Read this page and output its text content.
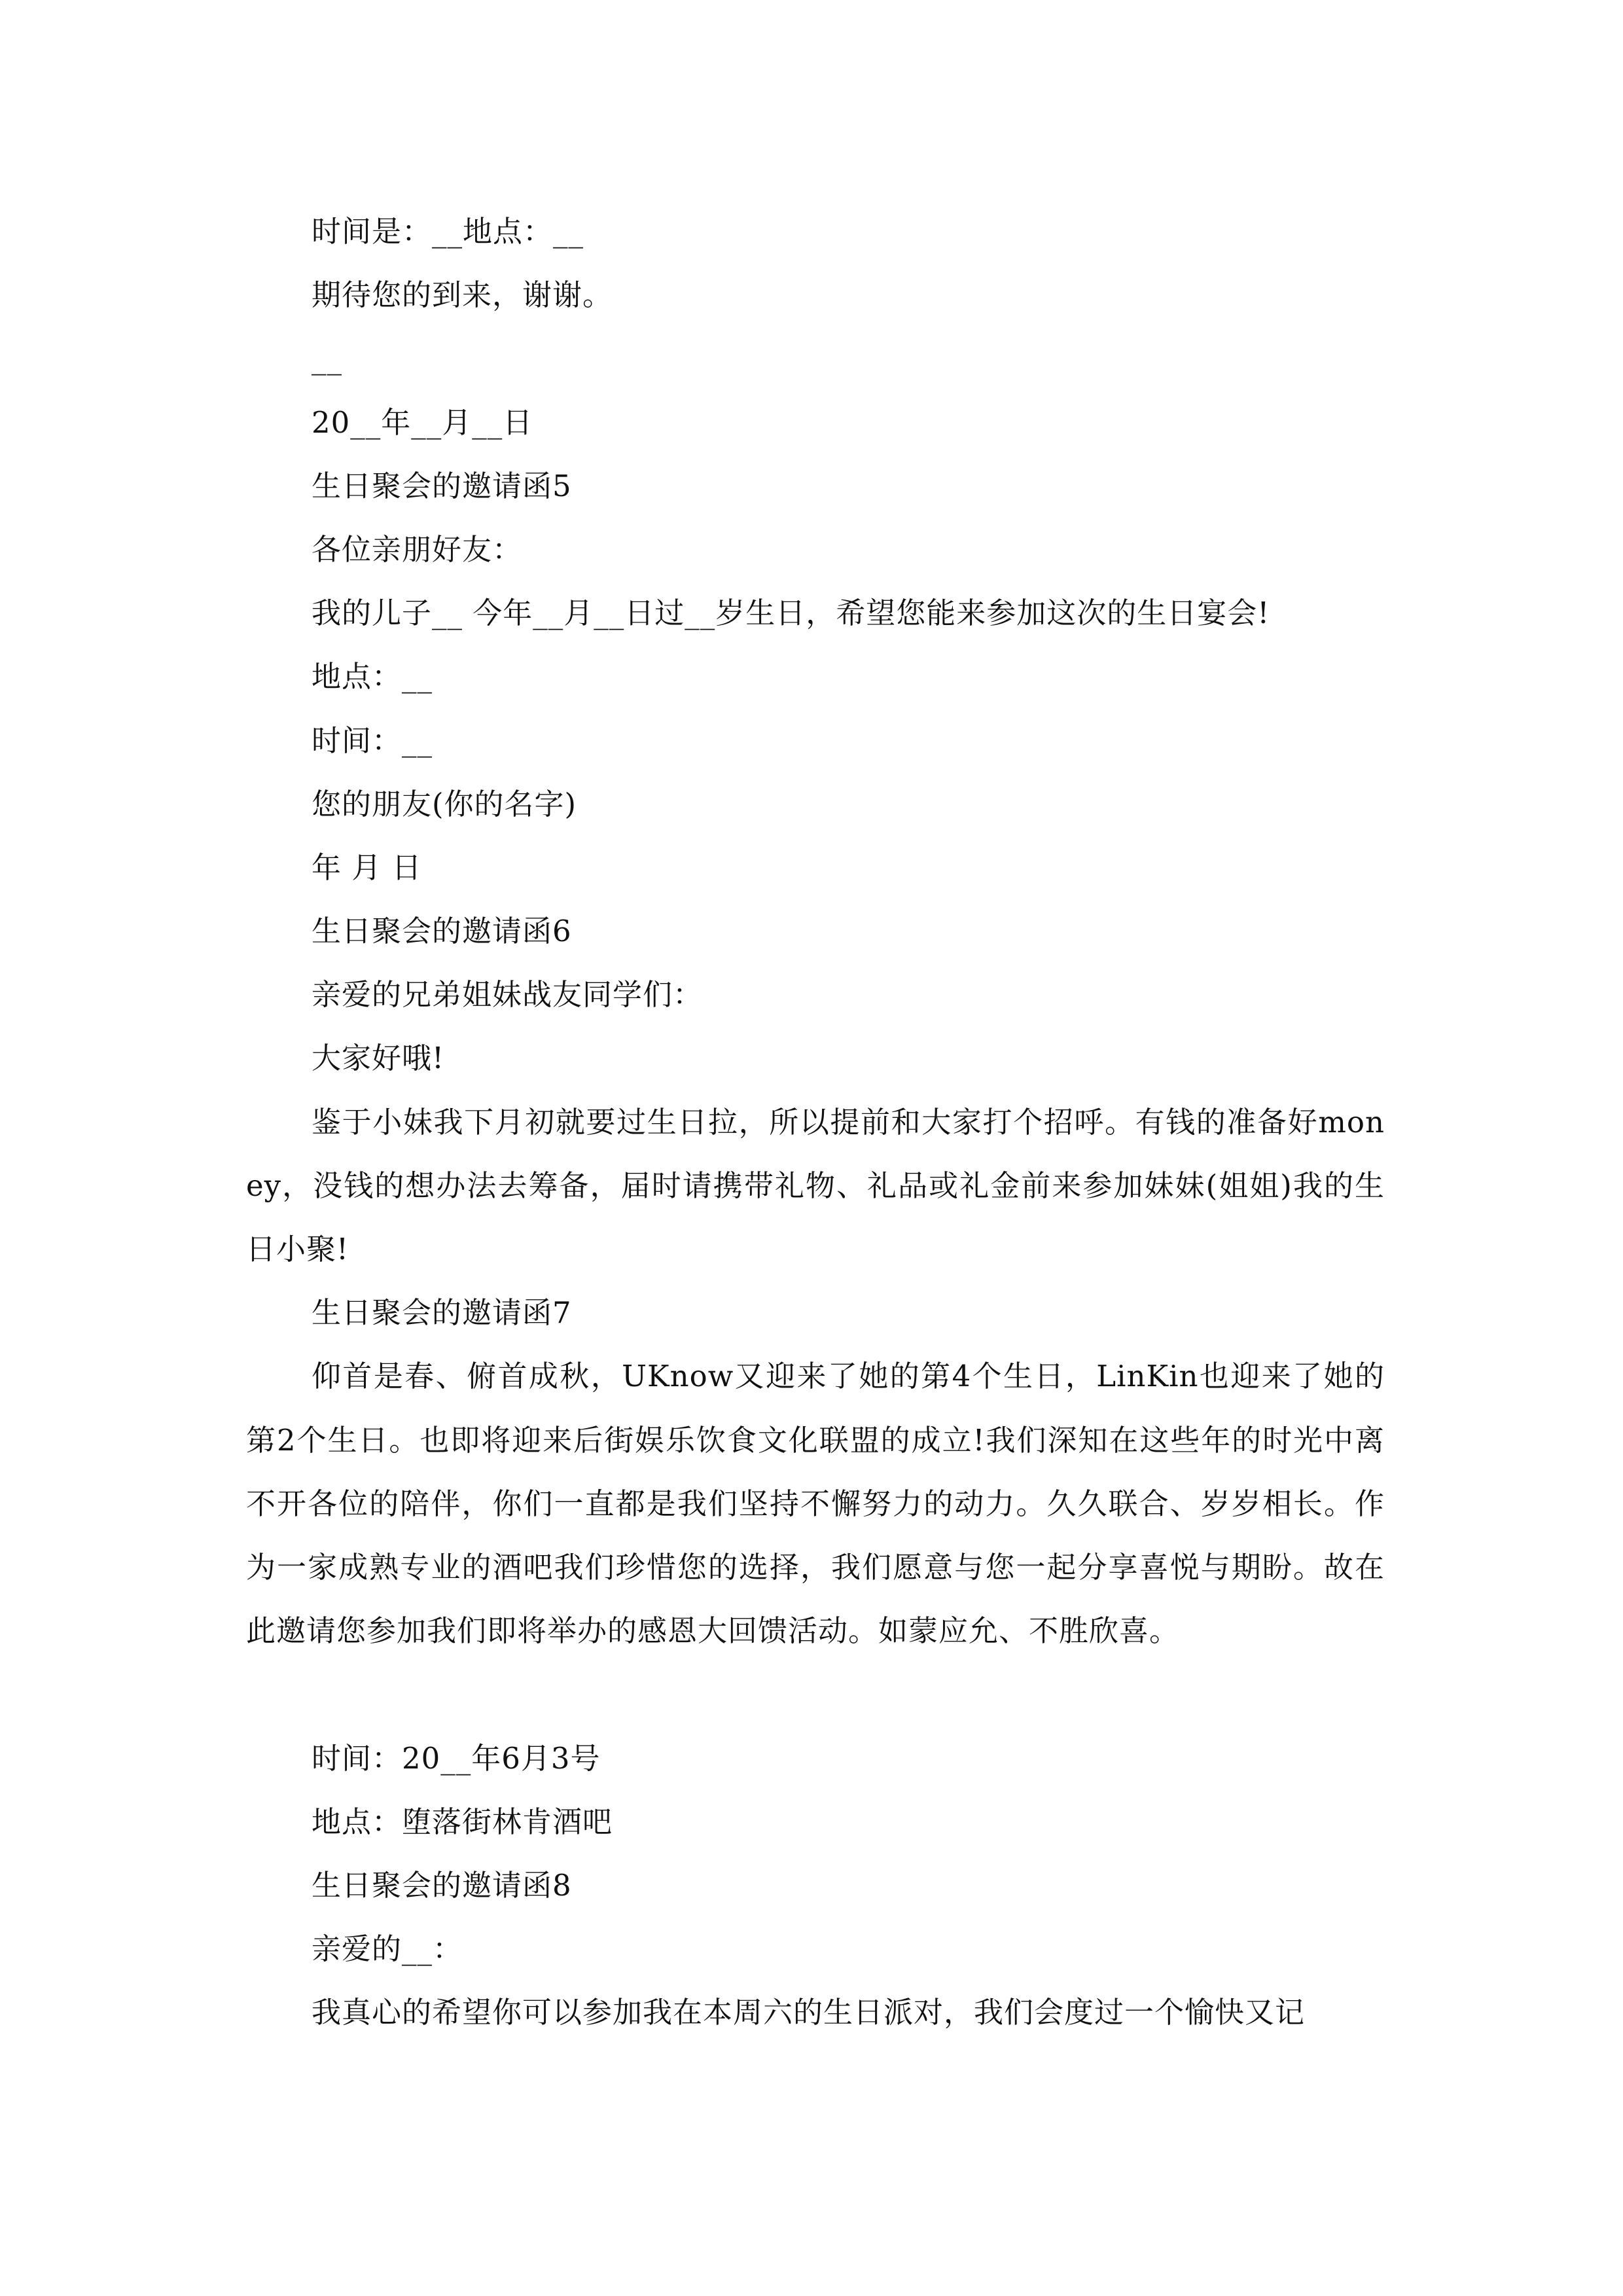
时间是：__地点：__
期待您的到来，谢谢。
__
20__年__月__日
生日聚会的邀请函5
各位亲朋好友：
我的儿子__ 今年__月__日过__岁生日，希望您能来参加这次的生日宴会!
地点：__
时间：__
您的朋友(你的名字)
年 月 日
生日聚会的邀请函6
亲爱的兄弟姐妹战友同学们：
大家好哦!
鉴于小妹我下月初就要过生日拉，所以提前和大家打个招呼。有钱的准备好money，没钱的想办法去筹备，届时请携带礼物、礼品或礼金前来参加妹妹(姐姐)我的生日小聚!
生日聚会的邀请函7
仰首是春、俯首成秋，UKnow又迎来了她的第4个生日，LinKin也迎来了她的第2个生日。也即将迎来后街娱乐饮食文化联盟的成立!我们深知在这些年的时光中离不开各位的陪伴，你们一直都是我们坚持不懈努力的动力。久久联合、岁岁相长。作为一家成熟专业的酒吧我们珍惜您的选择，我们愿意与您一起分享喜悦与期盼。故在此邀请您参加我们即将举办的感恩大回馈活动。如蒙应允、不胜欣喜。
时间：20__年6月3号
地点：堕落街林肯酒吧
生日聚会的邀请函8
亲爱的__：
我真心的希望你可以参加我在本周六的生日派对，我们会度过一个愉快又记
